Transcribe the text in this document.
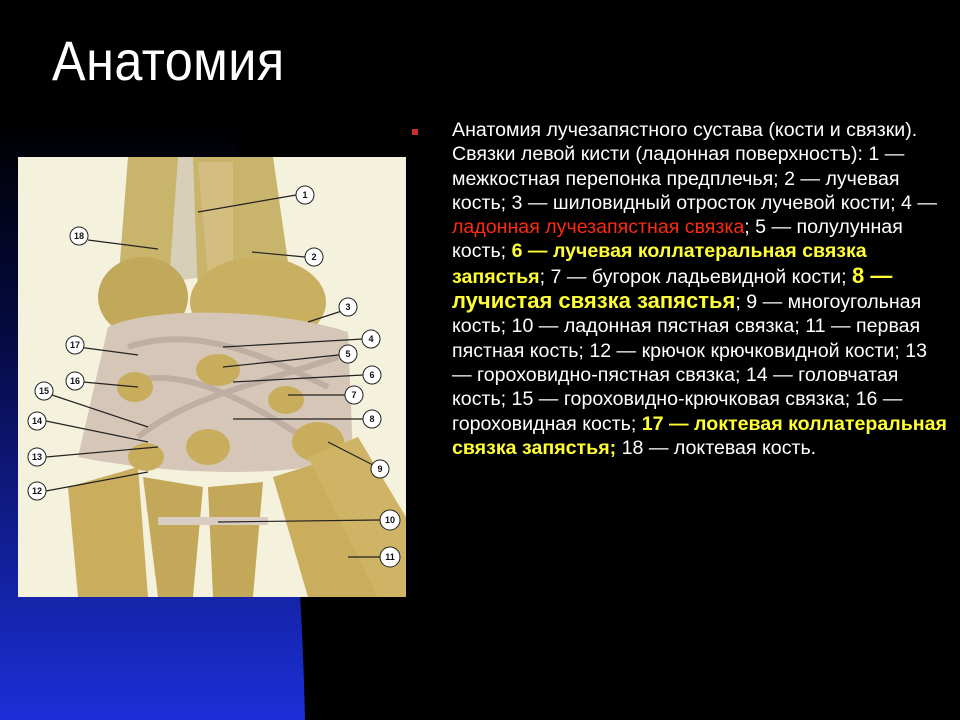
Анатомия
1
2
3
4
5
6
7
8
9
10
11
12
13
14
15
16
17
18

Анатомия лучезапястного сустава (кости и связки). Связки левой кисти (ладонная поверхностъ): 1 — межкостная перепонка предплечья; 2 — лучевая кость; 3 — шиловидный отросток лучевой кости; 4 — ладонная лучезапястная связка; 5 — полулунная кость; 6 — лучевая коллатеральная связка запястья; 7 — бугорок ладьевидной кости; 8 — лучистая связка запястья; 9 — многоугольная кость; 10 — ладонная пястная связка; 11 — первая пястная кость; 12 — крючок крючковидной кости; 13 — гороховидно-пястная связка; 14 — головчатая кость; 15 — гороховидно-крючковая связка; 16 — гороховидная кость; 17 — локтевая коллатеральная связка запястья; 18 — локтевая кость.
